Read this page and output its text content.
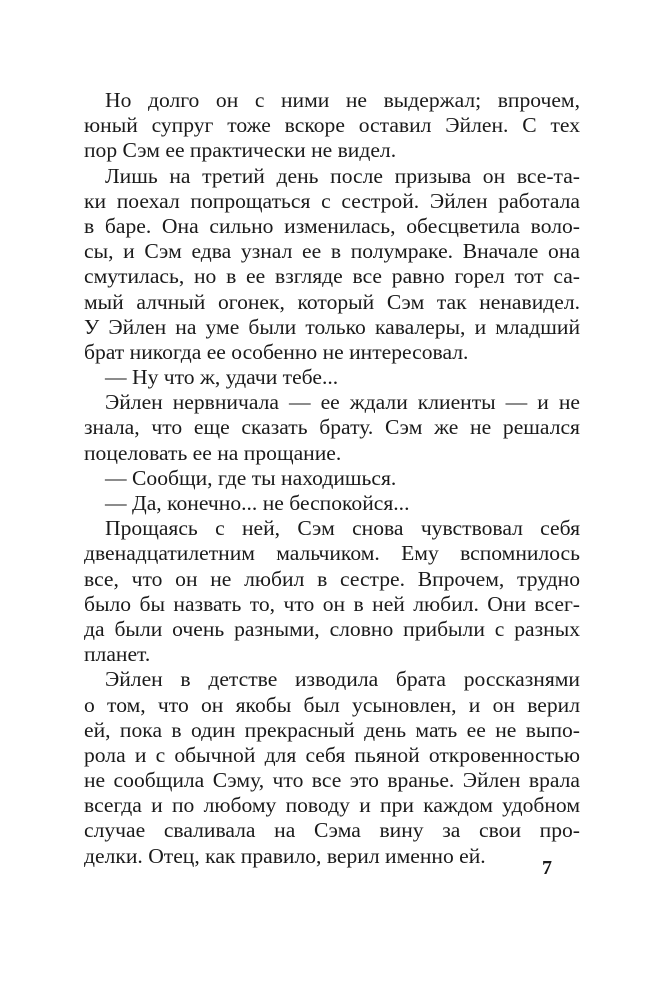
Но долго он с ними не выдержал; впрочем,
юный супруг тоже вскоре оставил Эйлен. С тех
пор Сэм ее практически не видел.
Лишь на третий день после призыва он все-та-
ки поехал попрощаться с сестрой. Эйлен работала
в баре. Она сильно изменилась, обесцветила воло-
сы, и Сэм едва узнал ее в полумраке. Вначале она
смутилась, но в ее взгляде все равно горел тот са-
мый алчный огонек, который Сэм так ненавидел.
У Эйлен на уме были только кавалеры, и младший
брат никогда ее особенно не интересовал.
— Ну что ж, удачи тебе...
Эйлен нервничала — ее ждали клиенты — и не
знала, что еще сказать брату. Сэм же не решался
поцеловать ее на прощание.
— Сообщи, где ты находишься.
— Да, конечно... не беспокойся...
Прощаясь с ней, Сэм снова чувствовал себя
двенадцатилетним мальчиком. Ему вспомнилось
все, что он не любил в сестре. Впрочем, трудно
было бы назвать то, что он в ней любил. Они всег-
да были очень разными, словно прибыли с разных
планет.
Эйлен в детстве изводила брата россказнями
о том, что он якобы был усыновлен, и он верил
ей, пока в один прекрасный день мать ее не выпо-
рола и с обычной для себя пьяной откровенностью
не сообщила Сэму, что все это вранье. Эйлен врала
всегда и по любому поводу и при каждом удобном
случае сваливала на Сэма вину за свои про-
делки. Отец, как правило, верил именно ей.
7
